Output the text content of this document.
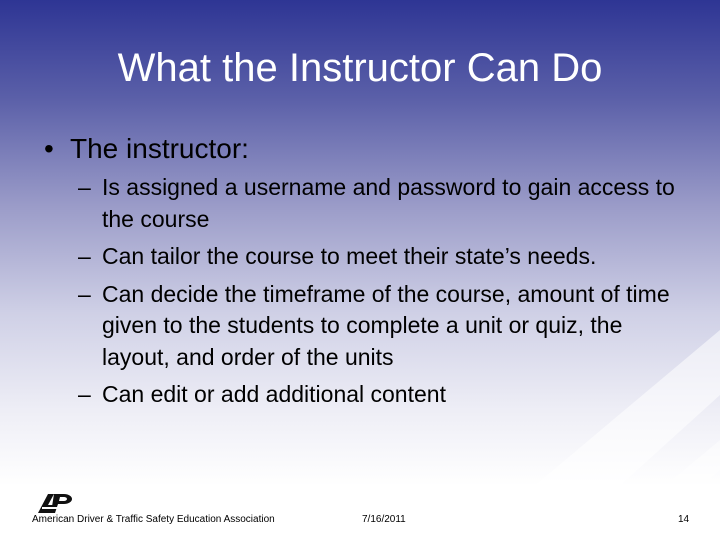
What the Instructor Can Do
• The instructor:
– Is assigned a username and password to gain access to the course
– Can tailor the course to meet their state’s needs.
– Can decide the timeframe of the course, amount of time given to the students to complete a unit or quiz, the layout, and order of the units
– Can edit or add additional content
American Driver & Traffic Safety Education Association	7/16/2011	14
